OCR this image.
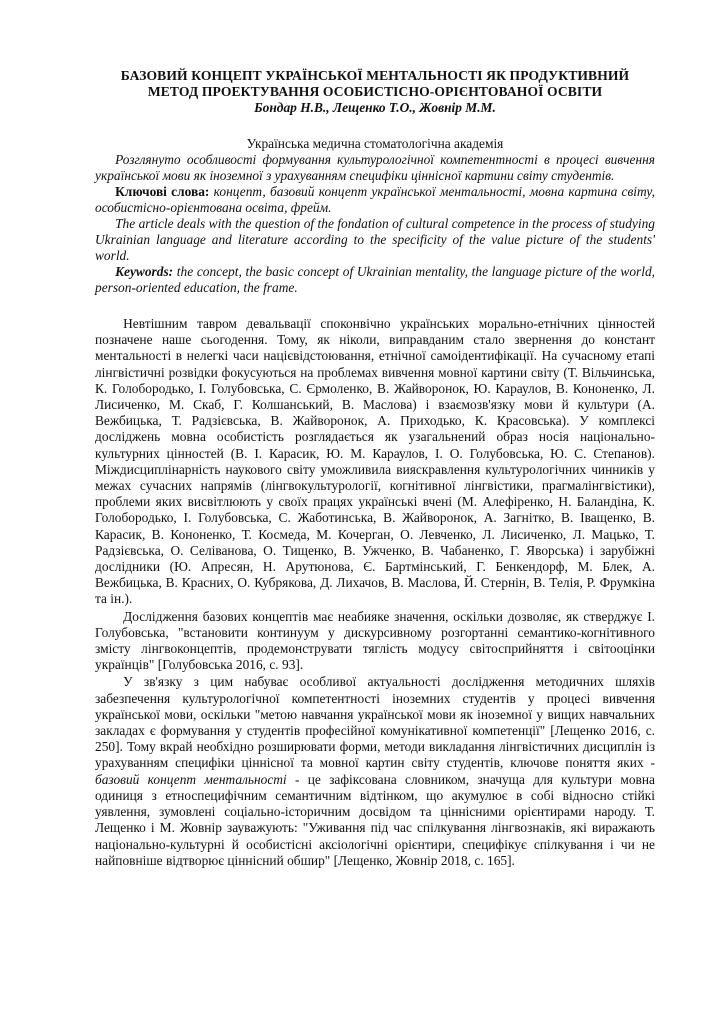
БАЗОВИЙ КОНЦЕПТ УКРАЇНСЬКОЇ МЕНТАЛЬНОСТІ ЯК ПРОДУКТИВНИЙ
МЕТОД ПРОЕКТУВАННЯ ОСОБИСТІСНО-ОРІЄНТОВАНОЇ ОСВІТИ

Бондар Н.В., Лещенко Т.О., Жовнір М.М.

Українська медична стоматологічна академія

Розглянуто особливості формування культурологічної компетентності в процесі вивчення української мови як іноземної з урахуванням специфіки ціннісної картини світу студентів.

Ключові слова: концепт, базовий концепт української ментальності, мовна картина світу, особистісно-орієнтована освіта, фрейм.

The article deals with the question of the fondation of cultural competence in the process of studying Ukrainian language and literature according to the specificity of the value picture of the students' world.

Keywords: the concept, the basic concept of Ukrainian mentality, the language picture of the world, person-oriented education, the frame.

Невтішним тавром девальвації споконвічно українських морально-етнічних цінностей позначене наше сьогодення. Тому, як ніколи, виправданим стало звернення до констант ментальності в нелегкі часи націєвідстоювання, етнічної самоідентифікації. На сучасному етапі лінгвістичні розвідки фокусуються на проблемах вивчення мовної картини світу (Т. Вільчинська, К. Голобородько, І. Голубовська, С. Єрмоленко, В. Жайворонок, Ю. Караулов, В. Кононенко, Л. Лисиченко, М. Скаб, Г. Колшанський, В. Маслова) і взаємозв'язку мови й культури (А. Вежбицька, Т. Радзієвська, В. Жайворонок, А. Приходько, К. Красовська). У комплексі досліджень мовна особистість розглядається як узагальнений образ носія національно-культурних цінностей (В. І. Карасик, Ю. М. Караулов, І. О. Голубовська, Ю. С. Степанов). Міждисциплінарність наукового світу уможливила вияскравлення культурологічних чинників у межах сучасних напрямів (лінгвокультурології, когнітивної лінгвістики, прагмалінгвістики), проблеми яких висвітлюють у своїх працях українські вчені (М. Алефіренко, Н. Баландіна, К. Голобородько, І. Голубовська, С. Жаботинська, В. Жайворонок, А. Загнітко, В. Іващенко, В. Карасик, В. Кононенко, Т. Космеда, М. Кочерган, О. Левченко, Л. Лисиченко, Л. Мацько, Т. Радзієвська, О. Селіванова, О. Тищенко, В. Ужченко, В. Чабаненко, Г. Яворська) і зарубіжні дослідники (Ю. Апресян, Н. Арутюнова, Є. Бартмінський, Г. Бенкендорф, М. Блек, А. Вежбицька, В. Красних, О. Кубрякова, Д. Лихачов, В. Маслова, Й. Стернін, В. Телія, Р. Фрумкіна та ін.).

Дослідження базових концептів має неабияке значення, оскільки дозволяє, як стверджує І. Голубовська, "встановити континуум у дискурсивному розгортанні семантико-когнітивного змісту лінгвоконцептів, продемонструвати тяглість модусу світосприйняття і світооцінки українців" [Голубовська 2016, с. 93].

У зв'язку з цим набуває особливої актуальності дослідження методичних шляхів забезпечення культурологічної компетентності іноземних студентів у процесі вивчення української мови, оскільки "метою навчання української мови як іноземної у вищих навчальних закладах є формування у студентів професійної комунікативної компетенції" [Лещенко 2016, с. 250]. Тому вкрай необхідно розширювати форми, методи викладання лінгвістичних дисциплін із урахуванням специфіки ціннісної та мовної картин світу студентів, ключове поняття яких - базовий концепт ментальності - це зафіксована словником, значуща для культури мовна одиниця з етноспецифічним семантичним відтінком, що акумулює в собі відносно стійкі уявлення, зумовлені соціально-історичним досвідом та ціннісними орієнтирами народу. Т. Лещенко і М. Жовнір зауважують: "Уживання під час спілкування лінгвознаків, які виражають національно-культурні й особистісні аксіологічні орієнтири, специфікує спілкування і чи не найповніше відтворює ціннісний обшир" [Лещенко, Жовнір 2018, с. 165].
